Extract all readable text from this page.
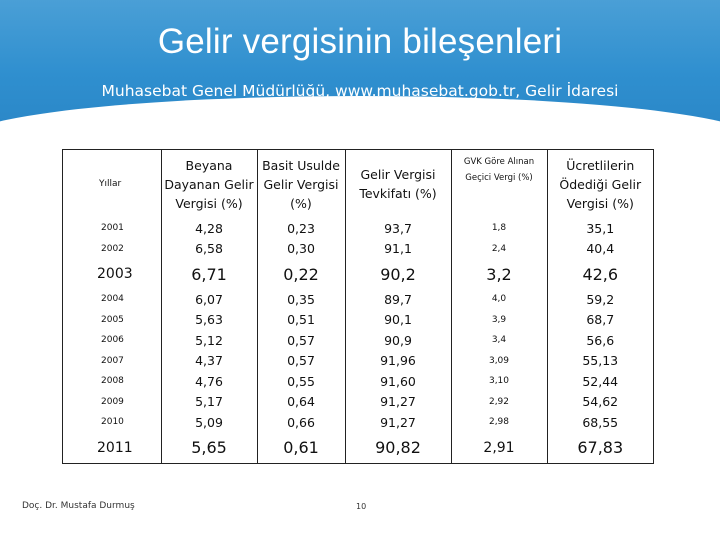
Gelir vergisinin bileşenleri
Muhasebat Genel Müdürlüğü, www.muhasebat.gob.tr, Gelir İdaresi
Başkanlığı Faaliyet Raporları
Yıllar	Beyana Dayanan Gelir Vergisi (%)	Basit Usulde Gelir Vergisi (%)	Gelir Vergisi Tevkifatı (%)	GVK Göre Alınan Geçici Vergi (%)	Ücretlilerin Ödediği Gelir Vergisi (%)
2001	4,28	0,23	93,7	1,8	35,1
2002	6,58	0,30	91,1	2,4	40,4
2003	6,71	0,22	90,2	3,2	42,6
2004	6,07	0,35	89,7	4,0	59,2
2005	5,63	0,51	90,1	3,9	68,7
2006	5,12	0,57	90,9	3,4	56,6
2007	4,37	0,57	91,96	3,09	55,13
2008	4,76	0,55	91,60	3,10	52,44
2009	5,17	0,64	91,27	2,92	54,62
2010	5,09	0,66	91,27	2,98	68,55
2011	5,65	0,61	90,82	2,91	67,83
Doç. Dr. Mustafa Durmuş	10
